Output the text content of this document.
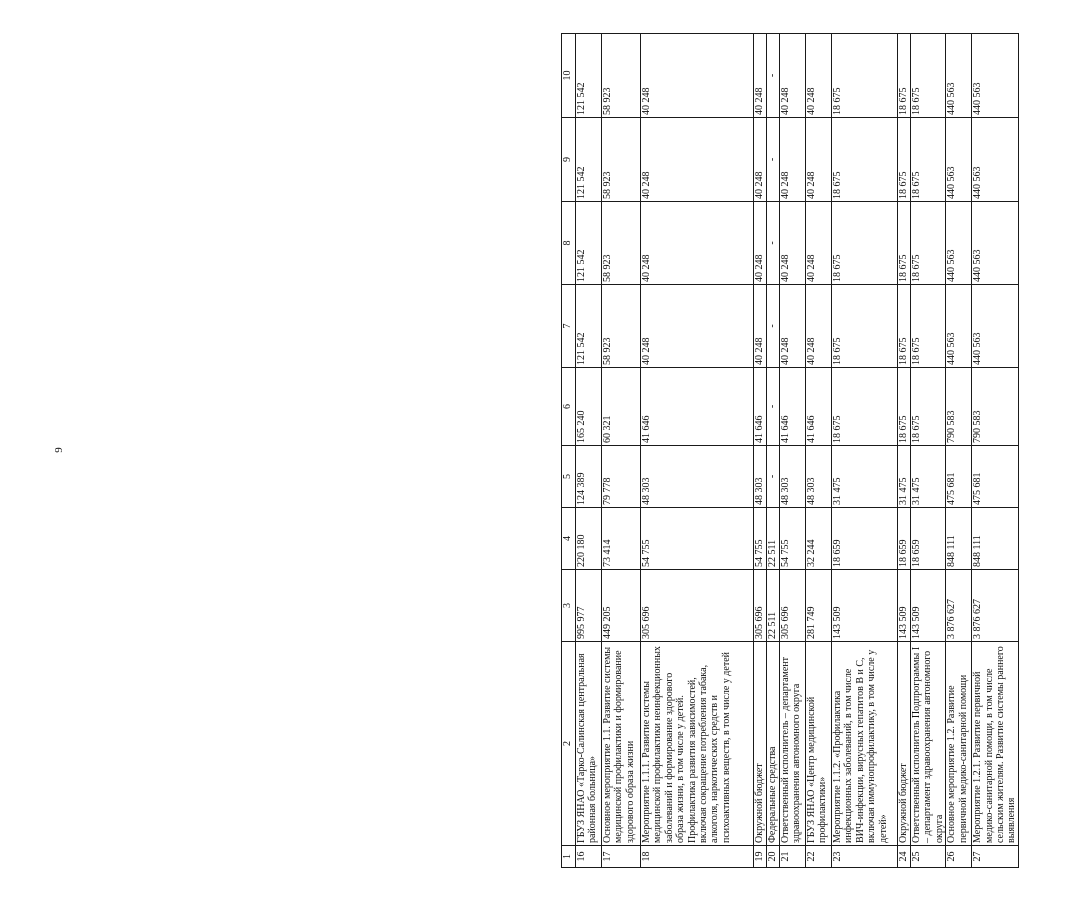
9
1	2	3	4	5	6	7	8	9	10
16	ГБУЗ ЯНАО «Тарко-Салинская центральная районная больница»	995 977	220 180	124 389	165 240	121 542	121 542	121 542	121 542
17	Основное мероприятие 1.1. Развитие системы медицинской профилактики и формирование здорового образа жизни	449 205	73 414	79 778	60 321	58 923	58 923	58 923	58 923
18	Мероприятие 1.1.1. Развитие системы медицинской профилактики неинфекционных заболеваний и формирование здорового образа жизни, в том числе у детей. Профилактика развития зависимостей, включая сокращение потребления табака, алкоголя, наркотических средств и психоактивных веществ, в том числе у детей	305 696	54 755	48 303	41 646	40 248	40 248	40 248	40 248
19	Окружной бюджет	305 696	54 755	48 303	41 646	40 248	40 248	40 248	40 248
20	Федеральные средства	22 511	22 511	-	-	-	-	-	-
21	Ответственный исполнитель – департамент здравоохранения автономного округа	305 696	54 755	48 303	41 646	40 248	40 248	40 248	40 248
22	ГБУЗ ЯНАО «Центр медицинской профилактики»	281 749	32 244	48 303	41 646	40 248	40 248	40 248	40 248
23	Мероприятие 1.1.2. «Профилактика инфекционных заболеваний, в том числе ВИЧ-инфекции, вирусных гепатитов В и С, включая иммунопрофилактику, в том числе у детей»	143 509	18 659	31 475	18 675	18 675	18 675	18 675	18 675
24	Окружной бюджет	143 509	18 659	31 475	18 675	18 675	18 675	18 675	18 675
25	Ответственный исполнитель Подпрограммы I – департамент здравоохранения автономного округа	143 509	18 659	31 475	18 675	18 675	18 675	18 675	18 675
26	Основное мероприятие 1.2. Развитие первичной медико-санитарной помощи	3 876 627	848 111	475 681	790 583	440 563	440 563	440 563	440 563
27	Мероприятие 1.2.1. Развитие первичной медико-санитарной помощи, в том числе сельским жителям. Развитие системы раннего выявления	3 876 627	848 111	475 681	790 583	440 563	440 563	440 563	440 563
